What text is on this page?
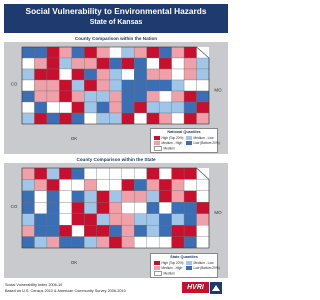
Social Vulnerability to Environmental Hazards
State of Kansas
CO
MO
OK
County Comparison within the Nation
National Quantiles
High (Top 20%)
Medium - High
Medium
Medium - Low
Low (Bottom 20%)
CO
MO
OK
County Comparison within the State
State Quantiles
High (Top 20%)
Medium - High
Medium
Medium - Low
Low (Bottom 20%)
Social Vulnerability Index 2006-10
Based on U.S. Census 2010 & American Community Survey 2006-2010	HVRI
